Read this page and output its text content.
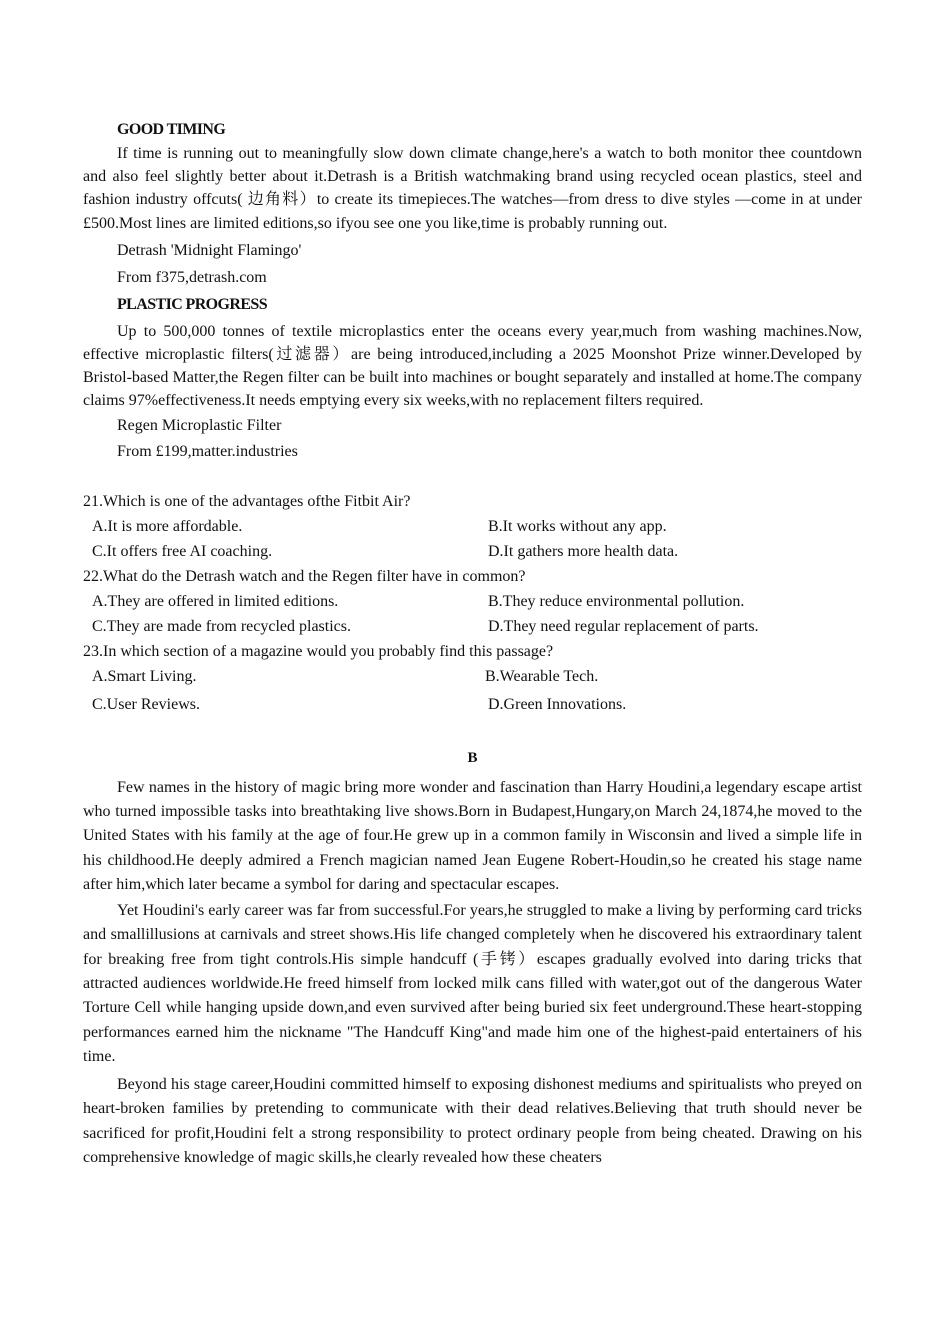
GOOD TIMING

If time is running out to meaningfully slow down climate change,here's a watch to both monitor thee countdown and also feel slightly better about it.Detrash is a British watchmaking brand using recycled ocean plastics, steel and fashion industry offcuts( 边角料）to create its timepieces.The watches—from dress to dive styles —come in at under £500.Most lines are limited editions,so ifyou see one you like,time is probably running out.

Detrash 'Midnight Flamingo'
From f375,detrash.com
PLASTIC PROGRESS

Up to 500,000 tonnes of textile microplastics enter the oceans every year,much from washing machines.Now, effective microplastic filters(过滤器）are being introduced,including a 2025 Moonshot Prize winner.Developed by Bristol-based Matter,the Regen filter can be built into machines or bought separately and installed at home.The company claims 97%effectiveness.It needs emptying every six weeks,with no replacement filters required.

Regen Microplastic Filter
From £199,matter.industries
21.Which is one of the advantages ofthe Fitbit Air?
A.It is more affordable.	B.It works without any app.
C.It offers free AI coaching.	D.It gathers more health data.
22.What do the Detrash watch and the Regen filter have in common?
A.They are offered in limited editions.	B.They reduce environmental pollution.
C.They are made from recycled plastics.	D.They need regular replacement of parts.
23.In which section of a magazine would you probably find this passage?
A.Smart Living.	B.Wearable Tech.
C.User Reviews.	D.Green Innovations.
B

Few names in the history of magic bring more wonder and fascination than Harry Houdini,a legendary escape artist who turned impossible tasks into breathtaking live shows.Born in Budapest,Hungary,on March 24,1874,he moved to the United States with his family at the age of four.He grew up in a common family in Wisconsin and lived a simple life in his childhood.He deeply admired a French magician named Jean Eugene Robert-Houdin,so he created his stage name after him,which later became a symbol for daring and spectacular escapes.

Yet Houdini's early career was far from successful.For years,he struggled to make a living by performing card tricks and smallillusions at carnivals and street shows.His life changed completely when he discovered his extraordinary talent for breaking free from tight controls.His simple handcuff (手铐）escapes gradually evolved into daring tricks that attracted audiences worldwide.He freed himself from locked milk cans filled with water,got out of the dangerous Water Torture Cell while hanging upside down,and even survived after being buried six feet underground.These heart-stopping performances earned him the nickname "The Handcuff King"and made him one of the highest-paid entertainers of his time.

Beyond his stage career,Houdini committed himself to exposing dishonest mediums and spiritualists who preyed on heart-broken families by pretending to communicate with their dead relatives.Believing that truth should never be sacrificed for profit,Houdini felt a strong responsibility to protect ordinary people from being cheated. Drawing on his comprehensive knowledge of magic skills,he clearly revealed how these cheaters
